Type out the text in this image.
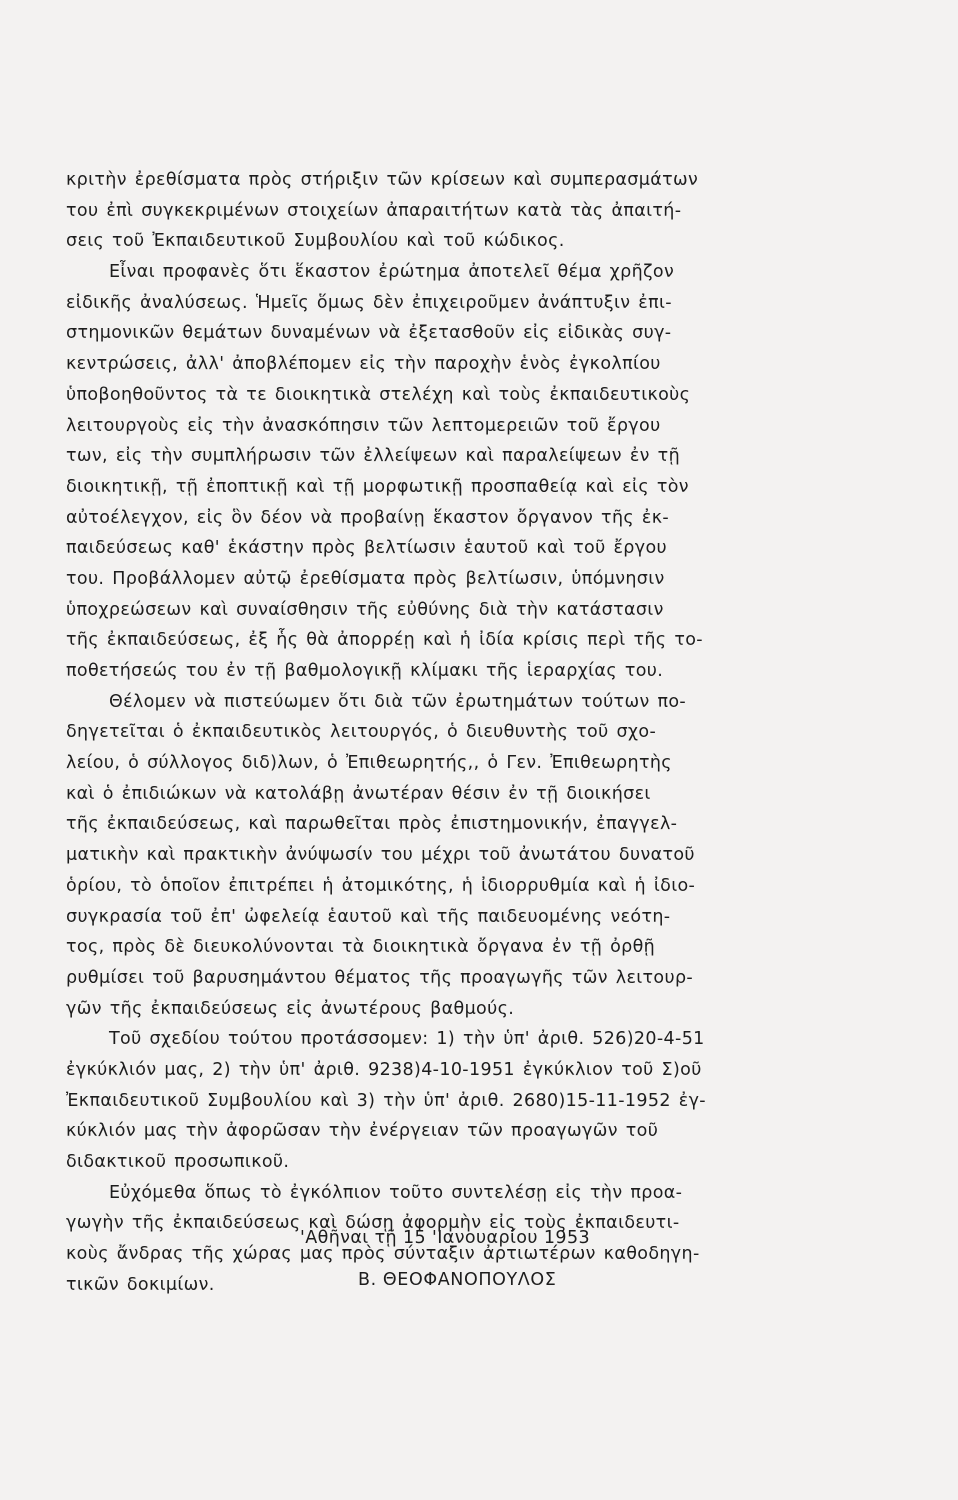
κριτὴν ἐρεθίσματα πρὸς στήριξιν τῶν κρίσεων καὶ συμπερασμάτων
του ἐπὶ συγκεκριμένων στοιχείων ἀπαραιτήτων κατὰ τὰς ἀπαιτή-
σεις τοῦ Ἐκπαιδευτικοῦ Συμβουλίου καὶ τοῦ κώδικος.
Εἶναι προφανὲς ὅτι ἕκαστον ἐρώτημα ἀποτελεῖ θέμα χρῆζον
εἰδικῆς ἀναλύσεως. Ἡμεῖς ὅμως δὲν ἐπιχειροῦμεν ἀνάπτυξιν ἐπι-
στημονικῶν θεμάτων δυναμένων νὰ ἐξετασθοῦν εἰς εἰδικὰς συγ-
κεντρώσεις, ἀλλ' ἀποβλέπομεν εἰς τὴν παροχὴν ἑνὸς ἐγκολπίου
ὑποβοηθοῦντος τὰ τε διοικητικὰ στελέχη καὶ τοὺς ἐκπαιδευτικοὺς
λειτουργοὺς εἰς τὴν ἀνασκόπησιν τῶν λεπτομερειῶν τοῦ ἔργου
των, εἰς τὴν συμπλήρωσιν τῶν ἐλλείψεων καὶ παραλείψεων ἐν τῇ
διοικητικῇ, τῇ ἐποπτικῇ καὶ τῇ μορφωτικῇ προσπαθείᾳ καὶ εἰς τὸν
αὐτοέλεγχον, εἰς ὃν δέον νὰ προβαίνῃ ἕκαστον ὄργανον τῆς ἐκ-
παιδεύσεως καθ' ἑκάστην πρὸς βελτίωσιν ἑαυτοῦ καὶ τοῦ ἔργου
του. Προβάλλομεν αὐτῷ ἐρεθίσματα πρὸς βελτίωσιν, ὑπόμνησιν
ὑποχρεώσεων καὶ συναίσθησιν τῆς εὐθύνης διὰ τὴν κατάστασιν
τῆς ἐκπαιδεύσεως, ἐξ ἧς θὰ ἀπορρέῃ καὶ ἡ ἰδία κρίσις περὶ τῆς το-
ποθετήσεώς του ἐν τῇ βαθμολογικῇ κλίμακι τῆς ἱεραρχίας του.
Θέλομεν νὰ πιστεύωμεν ὅτι διὰ τῶν ἐρωτημάτων τούτων πο-
δηγετεῖται ὁ ἐκπαιδευτικὸς λειτουργός, ὁ διευθυντὴς τοῦ σχο-
λείου, ὁ σύλλογος διδ)λων, ὁ Ἐπιθεωρητής,, ὁ Γεν. Ἐπιθεωρητὴς
καὶ ὁ ἐπιδιώκων νὰ κατολάβῃ ἀνωτέραν θέσιν ἐν τῇ διοικήσει
τῆς ἐκπαιδεύσεως, καὶ παρωθεῖται πρὸς ἐπιστημονικήν, ἐπαγγελ-
ματικὴν καὶ πρακτικὴν ἀνύψωσίν του μέχρι τοῦ ἀνωτάτου δυνατοῦ
ὁρίου, τὸ ὁποῖον ἐπιτρέπει ἡ ἀτομικότης, ἡ ἰδιορρυθμία καὶ ἡ ἰδιο-
συγκρασία τοῦ ἐπ' ὠφελείᾳ ἑαυτοῦ καὶ τῆς παιδευομένης νεότη-
τος, πρὸς δὲ διευκολύνονται τὰ διοικητικὰ ὄργανα ἐν τῇ ὀρθῇ
ρυθμίσει τοῦ βαρυσημάντου θέματος τῆς προαγωγῆς τῶν λειτουρ-
γῶν τῆς ἐκπαιδεύσεως εἰς ἀνωτέρους βαθμούς.
Τοῦ σχεδίου τούτου προτάσσομεν: 1) τὴν ὑπ' ἀριθ. 526)20-4-51
ἐγκύκλιόν μας, 2) τὴν ὑπ' ἀριθ. 9238)4-10-1951 ἐγκύκλιον τοῦ Σ)οῦ
Ἐκπαιδευτικοῦ Συμβουλίου καὶ 3) τὴν ὑπ' ἀριθ. 2680)15-11-1952 ἐγ-
κύκλιόν μας τὴν ἀφορῶσαν τὴν ἐνέργειαν τῶν προαγωγῶν τοῦ
διδακτικοῦ προσωπικοῦ.
Εὐχόμεθα ὅπως τὸ ἐγκόλπιον τοῦτο συντελέσῃ εἰς τὴν προα-
γωγὴν τῆς ἐκπαιδεύσεως καὶ δώσῃ ἀφορμὴν εἰς τοὺς ἐκπαιδευτι-
κοὺς ἄνδρας τῆς χώρας μας πρὸς σύνταξιν ἀρτιωτέρων καθοδηγη-
τικῶν δοκιμίων.
'Αθῆναι τῇ 15 'Ιανουαρίου 1953
Β. ΘΕΟΦΑΝΟΠΟΥΛΟΣ
